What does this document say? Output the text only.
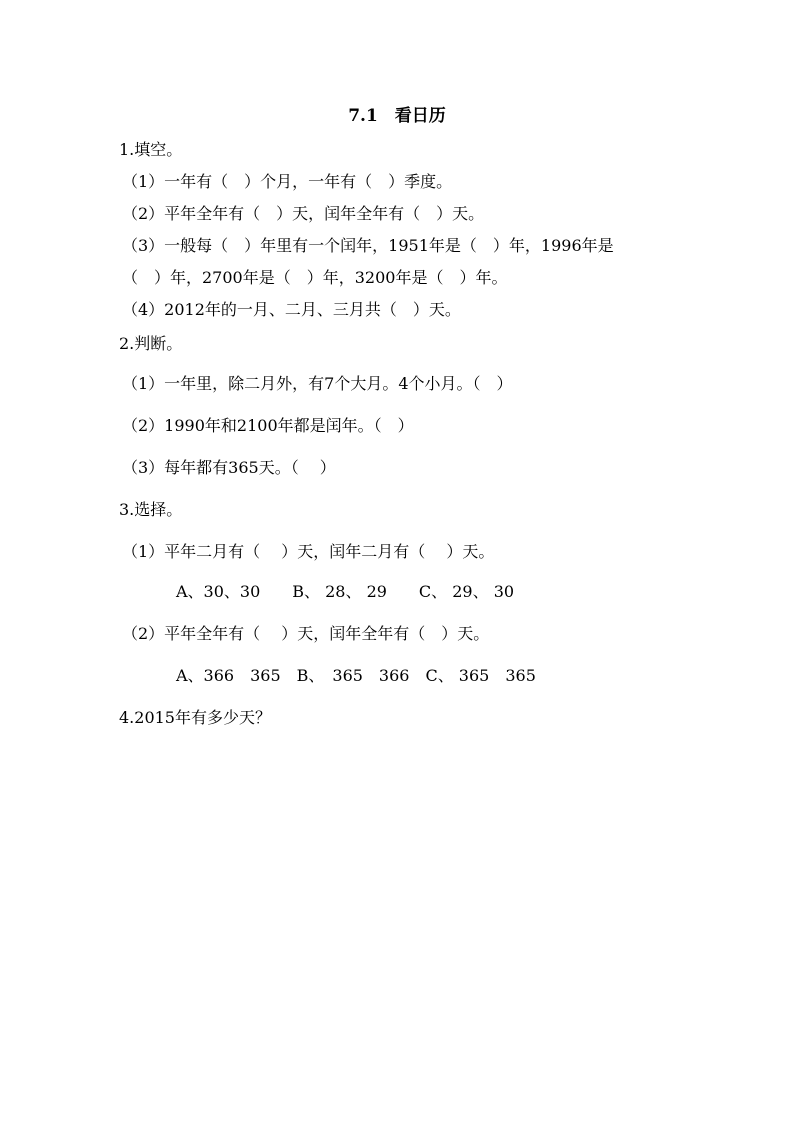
7.1　看日历
1.填空。
（1）一年有（　）个月，一年有（　）季度。
（2）平年全年有（　）天，闰年全年有（　）天。
（3）一般每（　）年里有一个闰年，1951年是（　）年，1996年是
（　）年，2700年是（　）年，3200年是（　）年。
（4）2012年的一月、二月、三月共（　）天。
2.判断。
（1）一年里，除二月外，有7个大月。4个小月。（　）
（2）1990年和2100年都是闰年。（　）
（3）每年都有365天。（　 ）
3.选择。
（1）平年二月有（　 ）天，闰年二月有（　 ）天。
A、30、30　　B、 28、 29　　C、 29、 30
（2）平年全年有（　 ）天，闰年全年有（　）天。
A、366　365　B、　365　366　C、 365　365
4.2015年有多少天？
